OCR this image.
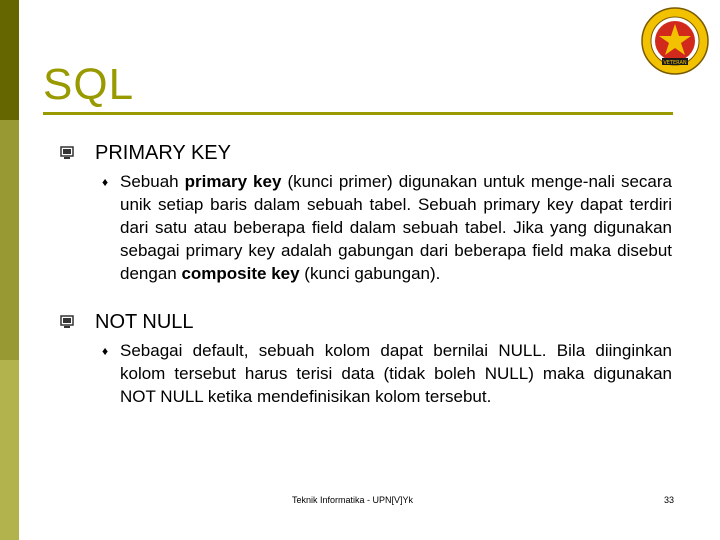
SQL	VETERAN
PRIMARY KEY
♦ Sebuah primary key (kunci primer) digunakan untuk menge-nali secara unik setiap baris dalam sebuah tabel. Sebuah primary key dapat terdiri dari satu atau beberapa field dalam sebuah tabel. Jika yang digunakan sebagai primary key adalah gabungan dari beberapa field maka disebut dengan composite key (kunci gabungan).
NOT NULL
♦ Sebagai default, sebuah kolom dapat bernilai NULL. Bila diinginkan kolom tersebut harus terisi data (tidak boleh NULL) maka digunakan NOT NULL ketika mendefinisikan kolom tersebut.
Teknik Informatika - UPN[V]Yk	33
